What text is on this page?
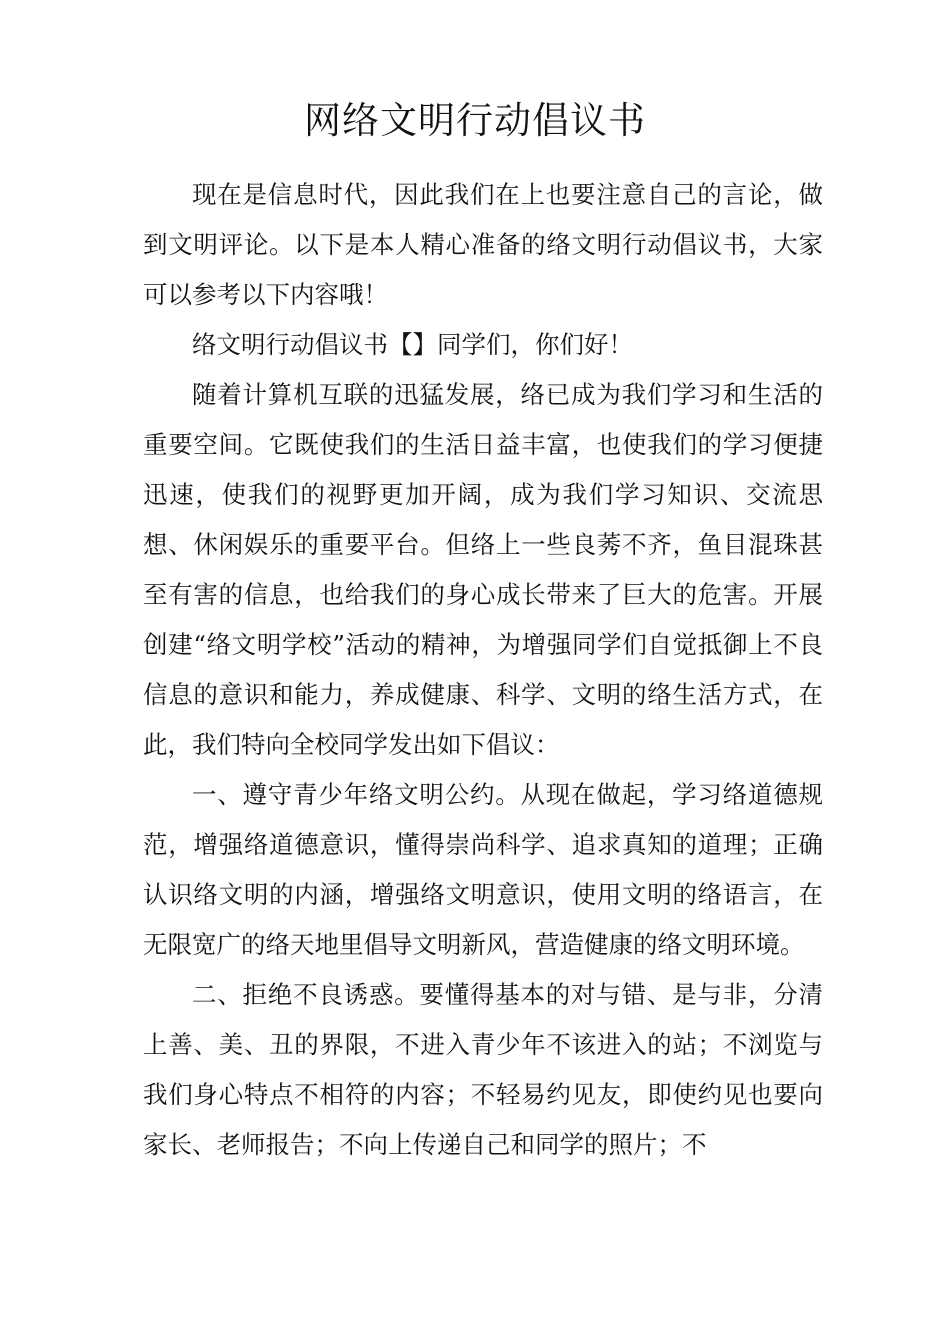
网络文明行动倡议书

现在是信息时代，因此我们在上也要注意自己的言论，做到文明评论。以下是本人精心准备的络文明行动倡议书，大家可以参考以下内容哦！

络文明行动倡议书【】同学们，你们好！

随着计算机互联的迅猛发展，络已成为我们学习和生活的重要空间。它既使我们的生活日益丰富，也使我们的学习便捷迅速，使我们的视野更加开阔，成为我们学习知识、交流思想、休闲娱乐的重要平台。但络上一些良莠不齐，鱼目混珠甚至有害的信息，也给我们的身心成长带来了巨大的危害。开展创建“络文明学校”活动的精神，为增强同学们自觉抵御上不良信息的意识和能力，养成健康、科学、文明的络生活方式，在此，我们特向全校同学发出如下倡议：

一、遵守青少年络文明公约。从现在做起，学习络道德规范，增强络道德意识，懂得崇尚科学、追求真知的道理；正确认识络文明的内涵，增强络文明意识，使用文明的络语言，在无限宽广的络天地里倡导文明新风，营造健康的络文明环境。

二、拒绝不良诱惑。要懂得基本的对与错、是与非，分清上善、美、丑的界限，不进入青少年不该进入的站；不浏览与我们身心特点不相符的内容；不轻易约见友，即使约见也要向家长、老师报告；不向上传递自己和同学的照片；不
